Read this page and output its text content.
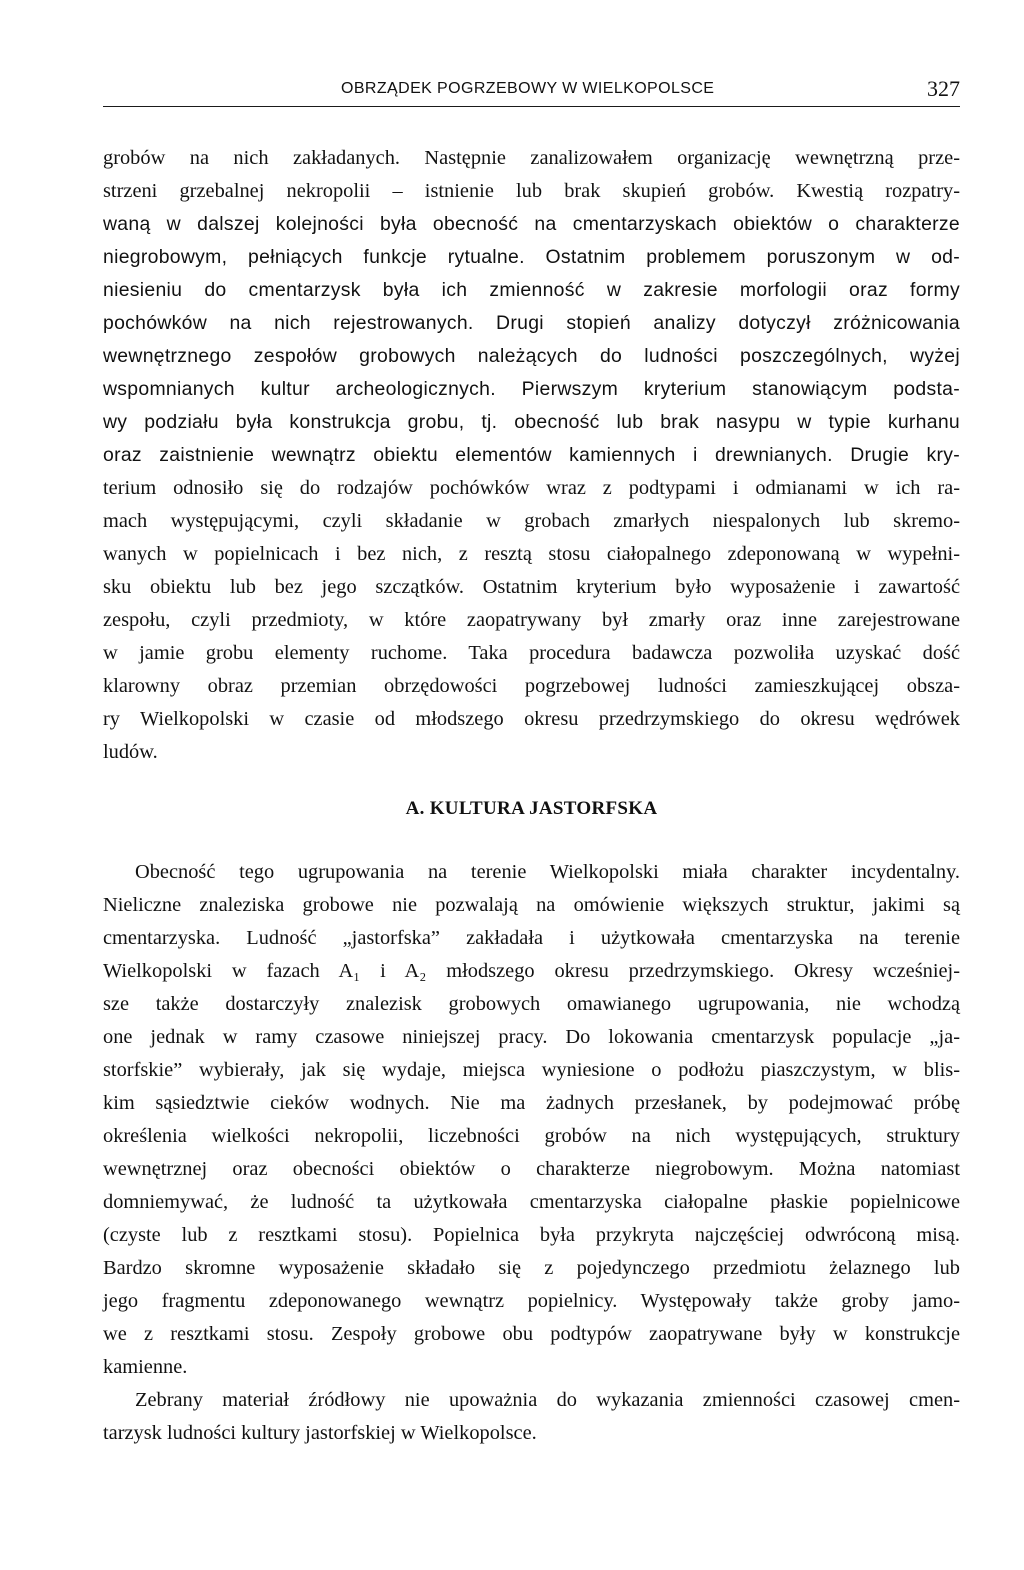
OBRZĄDEK POGRZEBOWY W WIELKOPOLSCE	327
grobów na nich zakładanych. Następnie zanalizowałem organizację wewnętrzną prze-
strzeni grzebalnej nekropolii – istnienie lub brak skupień grobów. Kwestią rozpatry-
waną w dalszej kolejności była obecność na cmentarzyskach obiektów o charakterze
niegrobowym, pełniących funkcje rytualne. Ostatnim problemem poruszonym w od-
niesieniu do cmentarzysk była ich zmienność w zakresie morfologii oraz formy
pochówków na nich rejestrowanych. Drugi stopień analizy dotyczył zróżnicowania
wewnętrznego zespołów grobowych należących do ludności poszczególnych, wyżej
wspomnianych kultur archeologicznych. Pierwszym kryterium stanowiącym podsta-
wy podziału była konstrukcja grobu, tj. obecność lub brak nasypu w typie kurhanu
oraz zaistnienie wewnątrz obiektu elementów kamiennych i drewnianych. Drugie kry-
terium odnosiło się do rodzajów pochówków wraz z podtypami i odmianami w ich ra-
mach występującymi, czyli składanie w grobach zmarłych niespalonych lub skremo-
wanych w popielnicach i bez nich, z resztą stosu ciałopalnego zdeponowaną w wypełni-
sku obiektu lub bez jego szczątków. Ostatnim kryterium było wyposażenie i zawartość
zespołu, czyli przedmioty, w które zaopatrywany był zmarły oraz inne zarejestrowane
w jamie grobu elementy ruchome. Taka procedura badawcza pozwoliła uzyskać dość
klarowny obraz przemian obrzędowości pogrzebowej ludności zamieszkującej obsza-
ry Wielkopolski w czasie od młodszego okresu przedrzymskiego do okresu wędrówek
ludów.
A. KULTURA JASTORFSKA
Obecność tego ugrupowania na terenie Wielkopolski miała charakter incydentalny.
Nieliczne znaleziska grobowe nie pozwalają na omówienie większych struktur, jakimi są
cmentarzyska. Ludność „jastorfska” zakładała i użytkowała cmentarzyska na terenie
Wielkopolski w fazach A₁ i A₂ młodszego okresu przedrzymskiego. Okresy wcześniej-
sze także dostarczyły znalezisk grobowych omawianego ugrupowania, nie wchodzą
one jednak w ramy czasowe niniejszej pracy. Do lokowania cmentarzysk populacje „ja-
storfskie” wybierały, jak się wydaje, miejsca wyniesione o podłożu piaszczystym, w blis-
kim sąsiedztwie cieków wodnych. Nie ma żadnych przesłanek, by podejmować próbę
określenia wielkości nekropolii, liczebności grobów na nich występujących, struktury
wewnętrznej oraz obecności obiektów o charakterze niegrobowym. Można natomiast
domniemywać, że ludność ta użytkowała cmentarzyska ciałopalne płaskie popielnicowe
(czyste lub z resztkami stosu). Popielnica była przykryta najczęściej odwróconą misą.
Bardzo skromne wyposażenie składało się z pojedynczego przedmiotu żelaznego lub
jego fragmentu zdeponowanego wewnątrz popielnicy. Występowały także groby jamo-
we z resztkami stosu. Zespoły grobowe obu podtypów zaopatrywane były w konstrukcje
kamienne.
Zebrany materiał źródłowy nie upoważnia do wykazania zmienności czasowej cmen-
tarzysk ludności kultury jastorfskiej w Wielkopolsce.
